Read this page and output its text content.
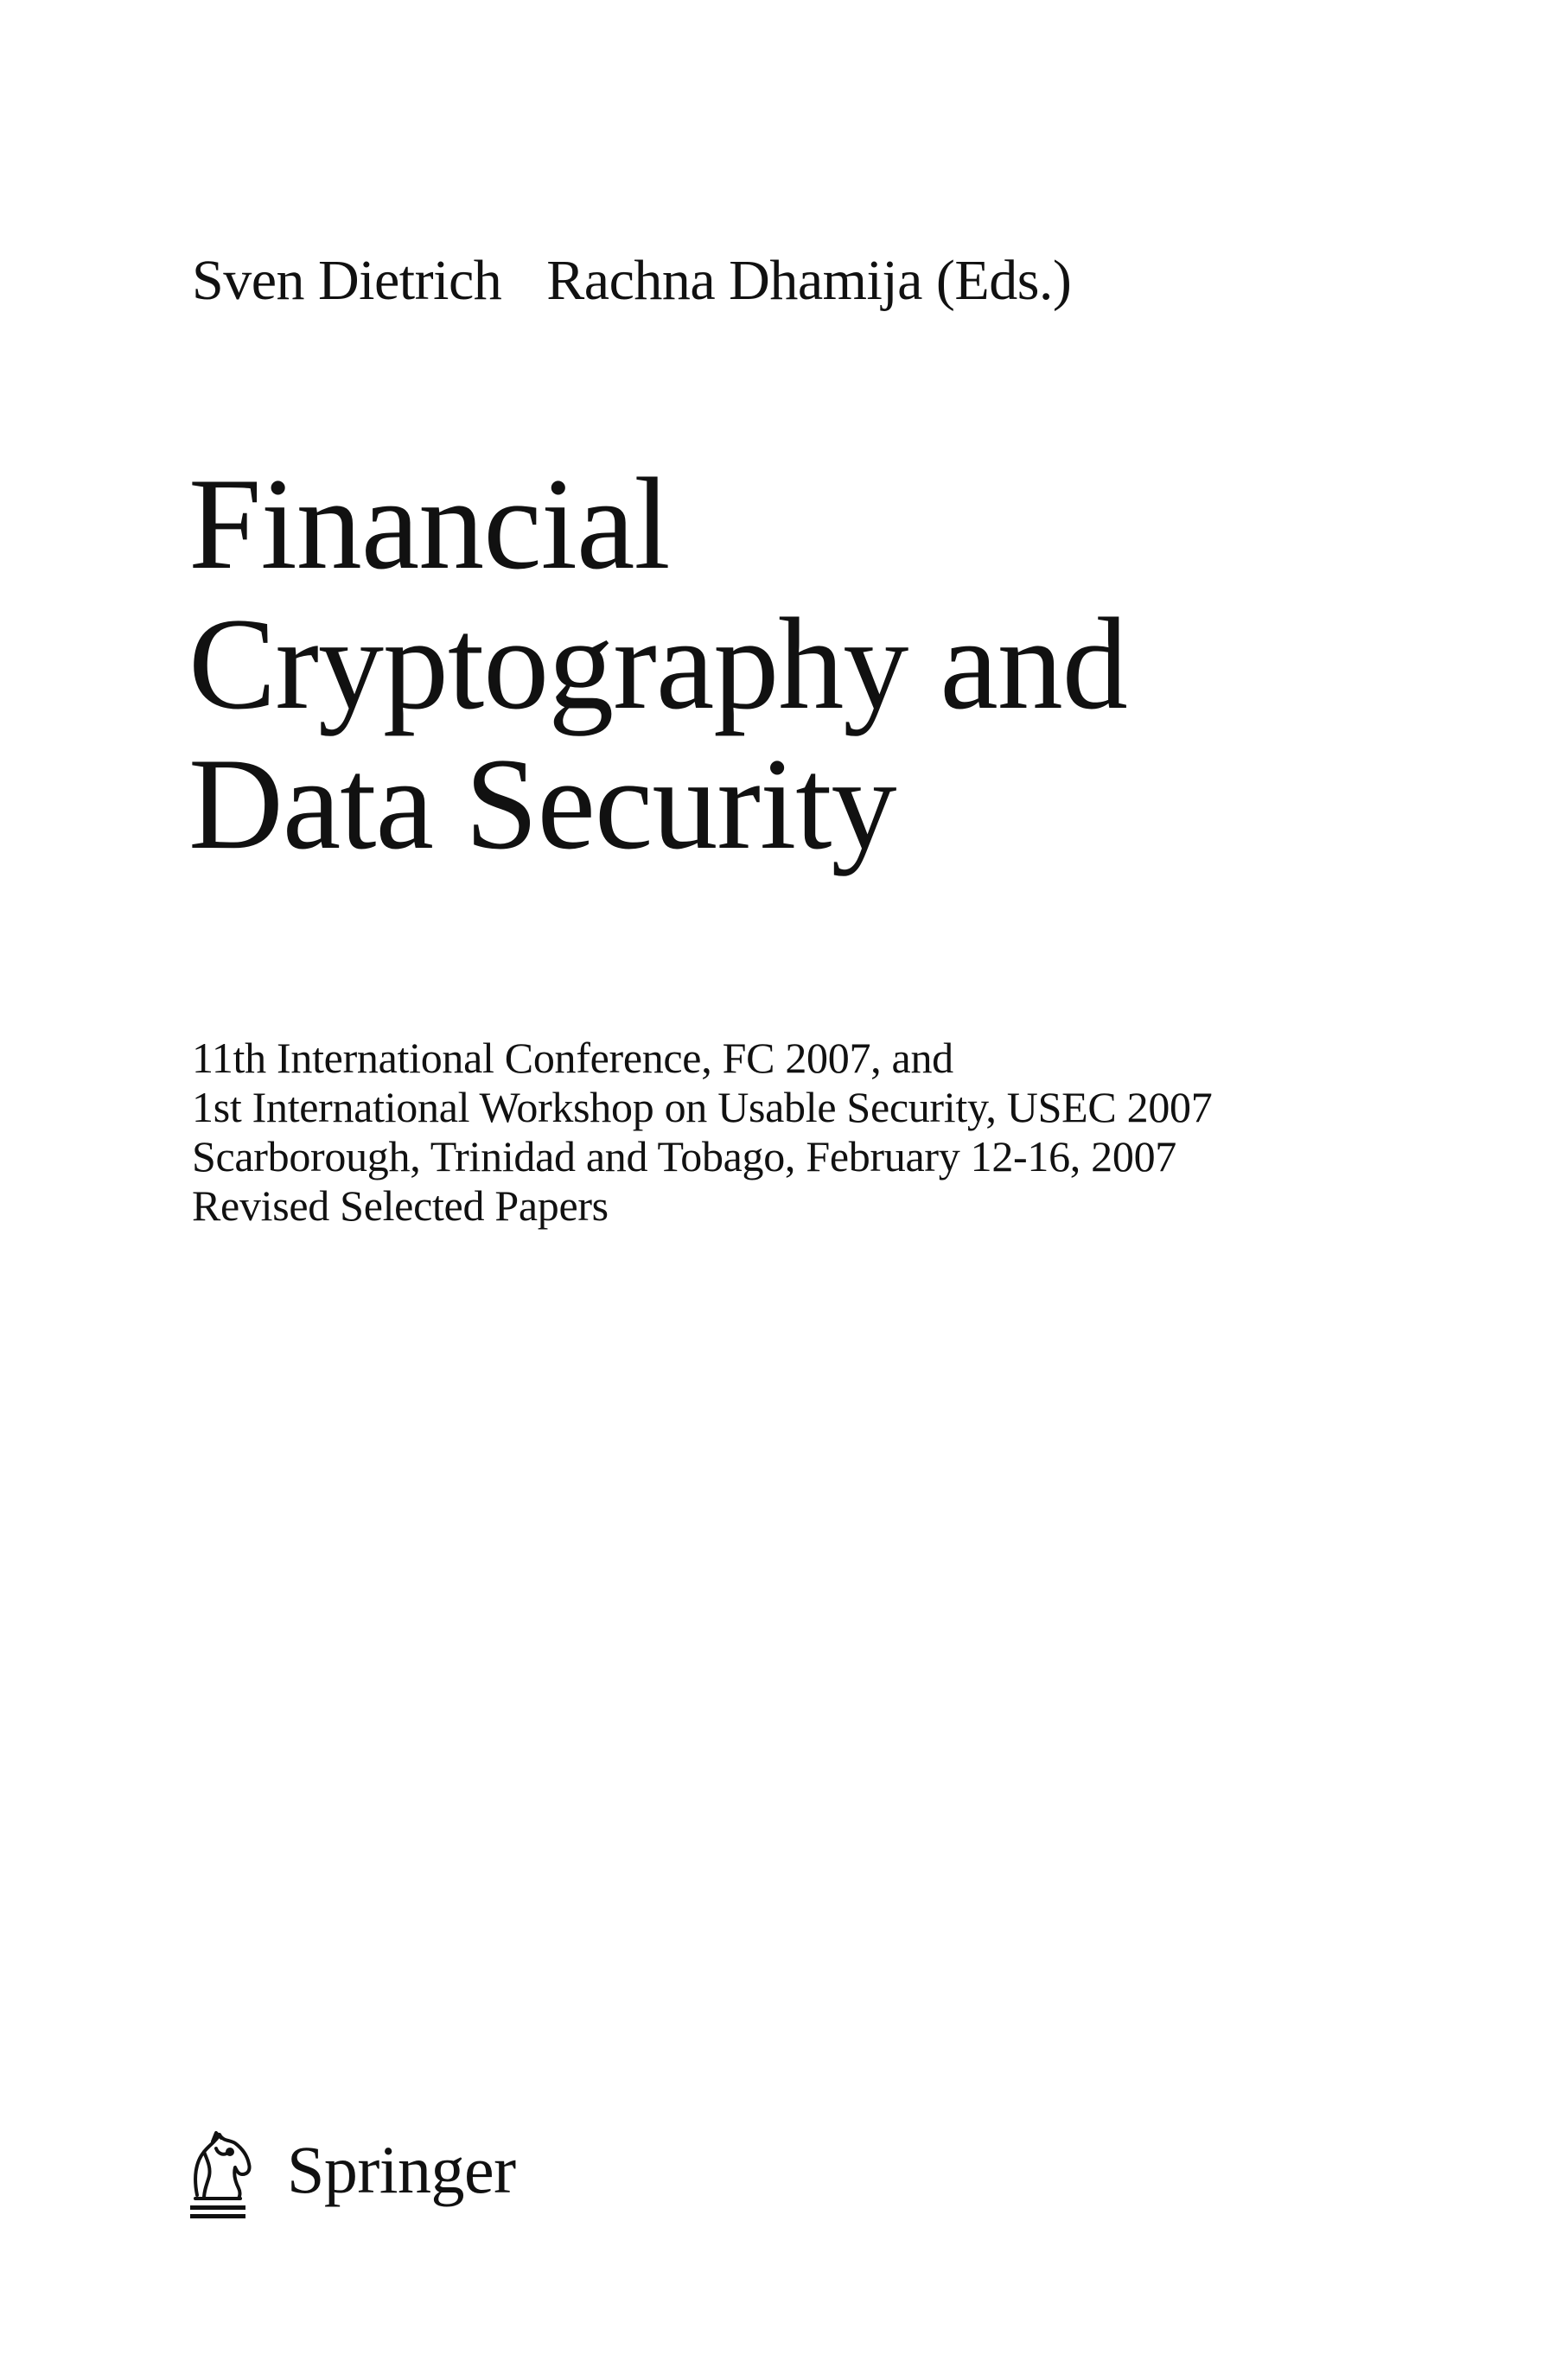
Sven Dietrich Rachna Dhamija (Eds.)
Financial
Cryptography and
Data Security
11th International Conference, FC 2007, and
1st International Workshop on Usable Security, USEC 2007
Scarborough, Trinidad and Tobago, February 12-16, 2007
Revised Selected Papers
Springer
